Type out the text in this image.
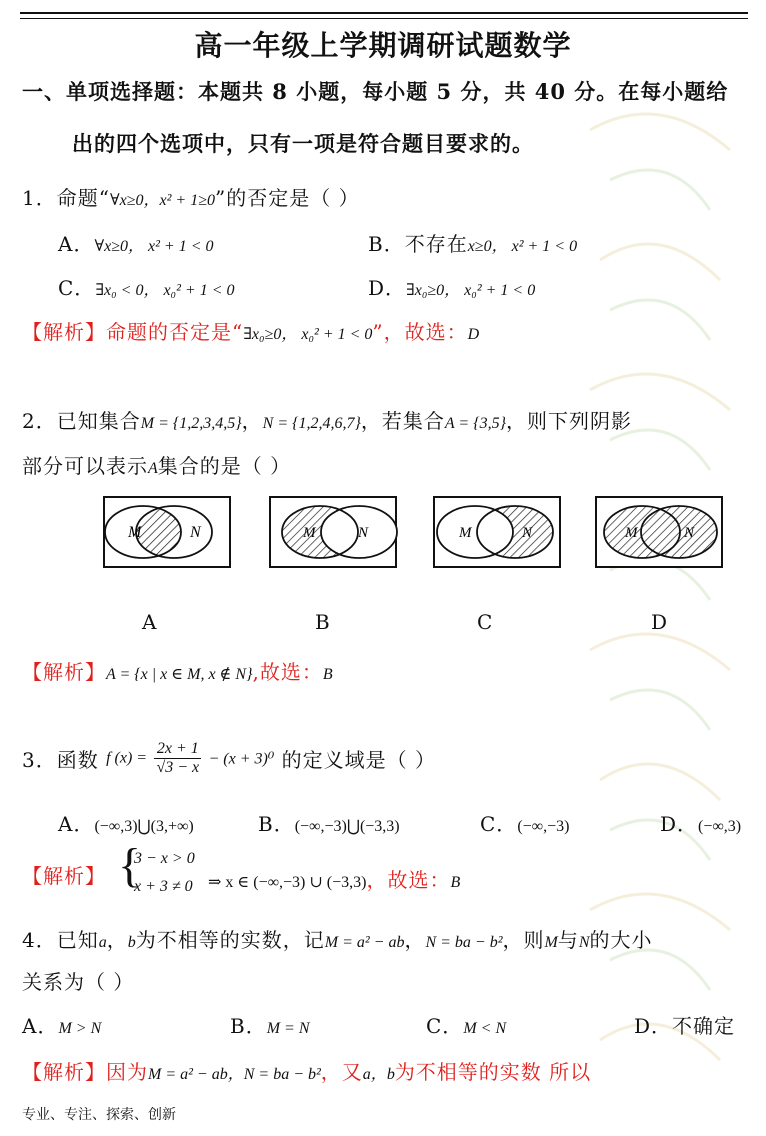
高一年级上学期调研试题数学
一、单项选择题：本题共 8 小题，每小题 5 分，共 40 分。在每小题给
出的四个选项中，只有一项是符合题目要求的。
1．命题“∀x≥0，x² + 1≥0”的否定是（ ）
A．∀x≥0， x² + 1 < 0	B．不存在x≥0， x² + 1 < 0
C．∃x₀ < 0， x₀² + 1 < 0	D．∃x₀≥0， x₀² + 1 < 0
【解析】命题的否定是“∃x₀≥0， x₀² + 1 < 0”，故选：D
2．已知集合M = {1,2,3,4,5}，N = {1,2,4,6,7}，若集合A = {3,5}，则下列阴影
部分可以表示A集合的是（ ）
M	N	M	N	M	N	M	N
A	B	C	D
【解析】A = {x | x ∈ M, x ∉ N},故选：B
3．函数 f $(x) = \frac{2x + 1}{√3 - x} - (x + 3)^0$ 的定义域是（ ）
A．(−∞,3)⋃(3,+∞)	B．(−∞,−3)⋃(−3,3)	C．(−∞,−3)	D．(−∞,3)
【解析】 {
3 − x > 0
x + 3 ≠ 0 ⇒ x ∈ (−∞,−3) ∪ (−3,3)，故选：B
4．已知a，b为不相等的实数，记M = a² − ab，N = ba − b²，则M与N的大小
关系为（ ）
A．M > N	B．M = N	C．M < N	D．不确定
【解析】因为M = a² − ab，N = ba − b²，又a，b为不相等的实数 所以
专业、专注、探索、创新
